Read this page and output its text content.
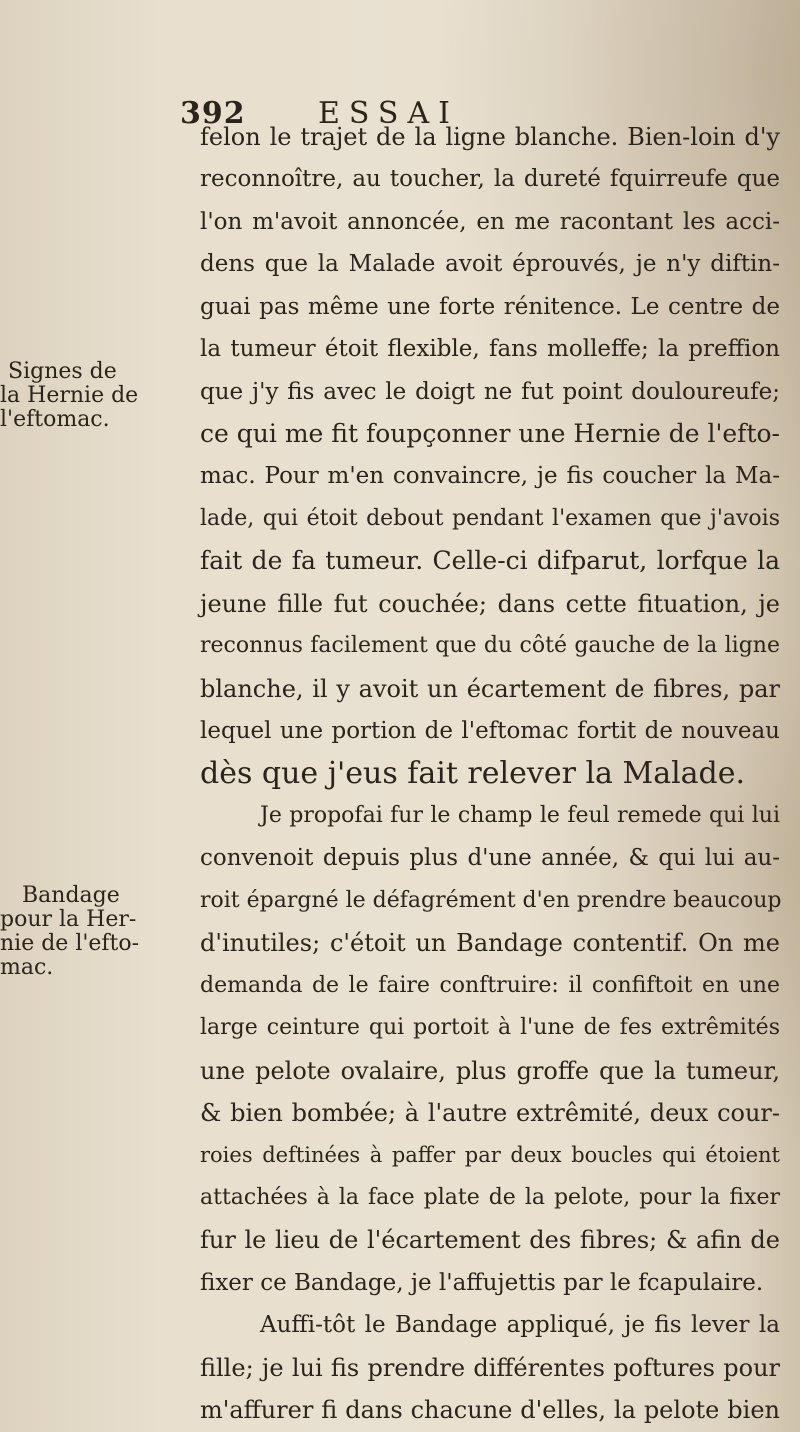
392 ESSAI
Signes de
la Hernie de
l'eftomac.
Bandage
pour la Her-
nie de l'efto-
mac.
felon le trajet de la ligne blanche. Bien-loin d'y
reconnoître, au toucher, la dureté fquirreufe que
l'on m'avoit annoncée, en me racontant les acci-
dens que la Malade avoit éprouvés, je n'y diftin-
guai pas même une forte rénitence. Le centre de
la tumeur étoit flexible, fans molleffe; la preffion
que j'y fis avec le doigt ne fut point douloureufe;
ce qui me fit foupçonner une Hernie de l'efto-
mac. Pour m'en convaincre, je fis coucher la Ma-
lade, qui étoit debout pendant l'examen que j'avois
fait de fa tumeur. Celle-ci difparut, lorfque la
jeune fille fut couchée; dans cette fituation, je
reconnus facilement que du côté gauche de la ligne
blanche, il y avoit un écartement de fibres, par
lequel une portion de l'eftomac fortit de nouveau
dès que j'eus fait relever la Malade.
Je propofai fur le champ le feul remede qui lui
convenoit depuis plus d'une année, & qui lui au-
roit épargné le défagrément d'en prendre beaucoup
d'inutiles; c'étoit un Bandage contentif. On me
demanda de le faire conftruire: il confiftoit en une
large ceinture qui portoit à l'une de fes extrêmités
une pelote ovalaire, plus groffe que la tumeur,
& bien bombée; à l'autre extrêmité, deux cour-
roies deftinées à paffer par deux boucles qui étoient
attachées à la face plate de la pelote, pour la fixer
fur le lieu de l'écartement des fibres; & afin de
fixer ce Bandage, je l'affujettis par le fcapulaire.
Auffi-tôt le Bandage appliqué, je fis lever la
fille; je lui fis prendre différentes poftures pour
m'affurer fi dans chacune d'elles, la pelote bien
